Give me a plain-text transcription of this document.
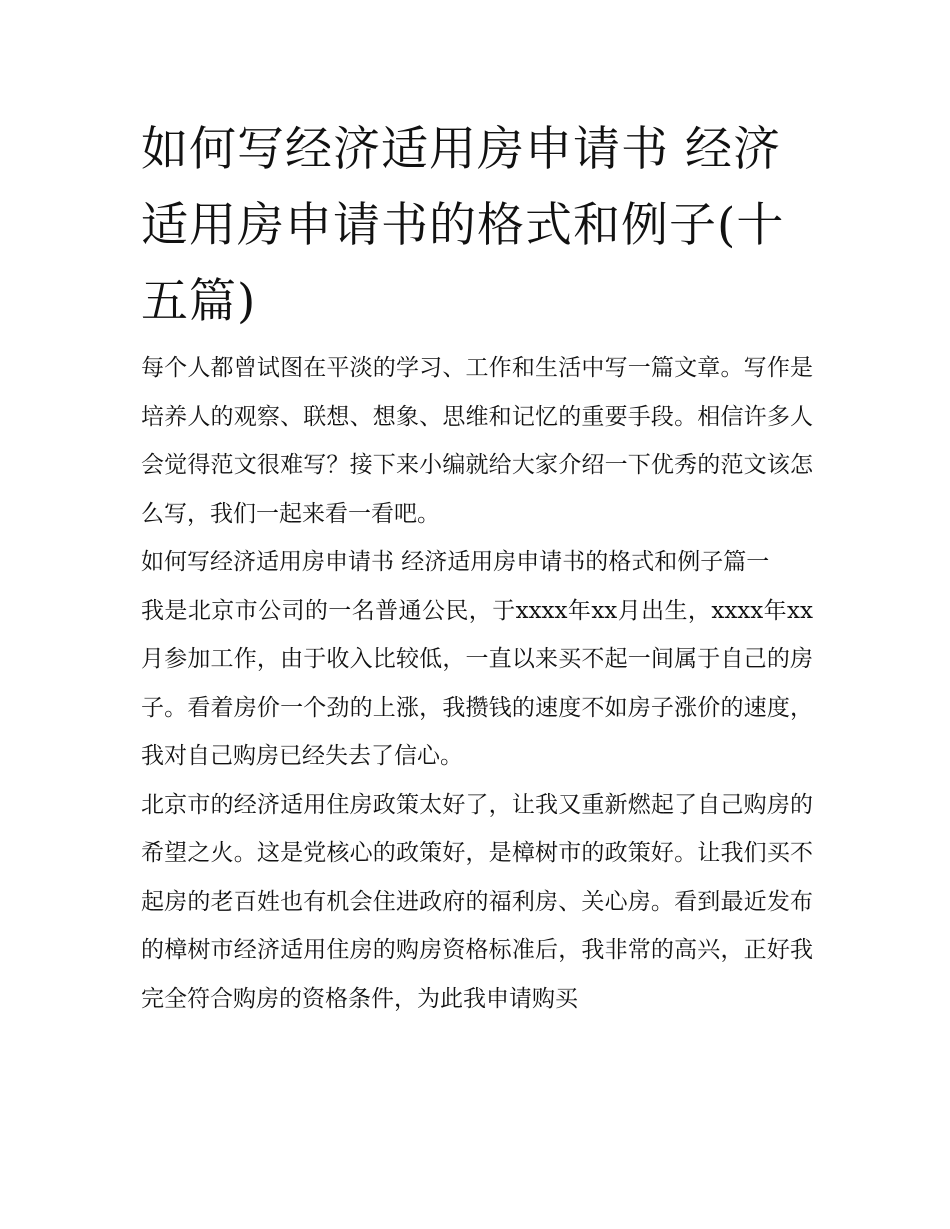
如何写经济适用房申请书 经济适用房申请书的格式和例子(十五篇)

每个人都曾试图在平淡的学习、工作和生活中写一篇文章。写作是培养人的观察、联想、想象、思维和记忆的重要手段。相信许多人会觉得范文很难写？接下来小编就给大家介绍一下优秀的范文该怎么写，我们一起来看一看吧。

如何写经济适用房申请书 经济适用房申请书的格式和例子篇一

我是北京市公司的一名普通公民，于xxxx年xx月出生，xxxx年xx月参加工作，由于收入比较低，一直以来买不起一间属于自己的房子。看着房价一个劲的上涨，我攒钱的速度不如房子涨价的速度，我对自己购房已经失去了信心。

北京市的经济适用住房政策太好了，让我又重新燃起了自己购房的希望之火。这是党核心的政策好，是樟树市的政策好。让我们买不起房的老百姓也有机会住进政府的福利房、关心房。看到最近发布的樟树市经济适用住房的购房资格标准后，我非常的高兴，正好我完全符合购房的资格条件，为此我申请购买
